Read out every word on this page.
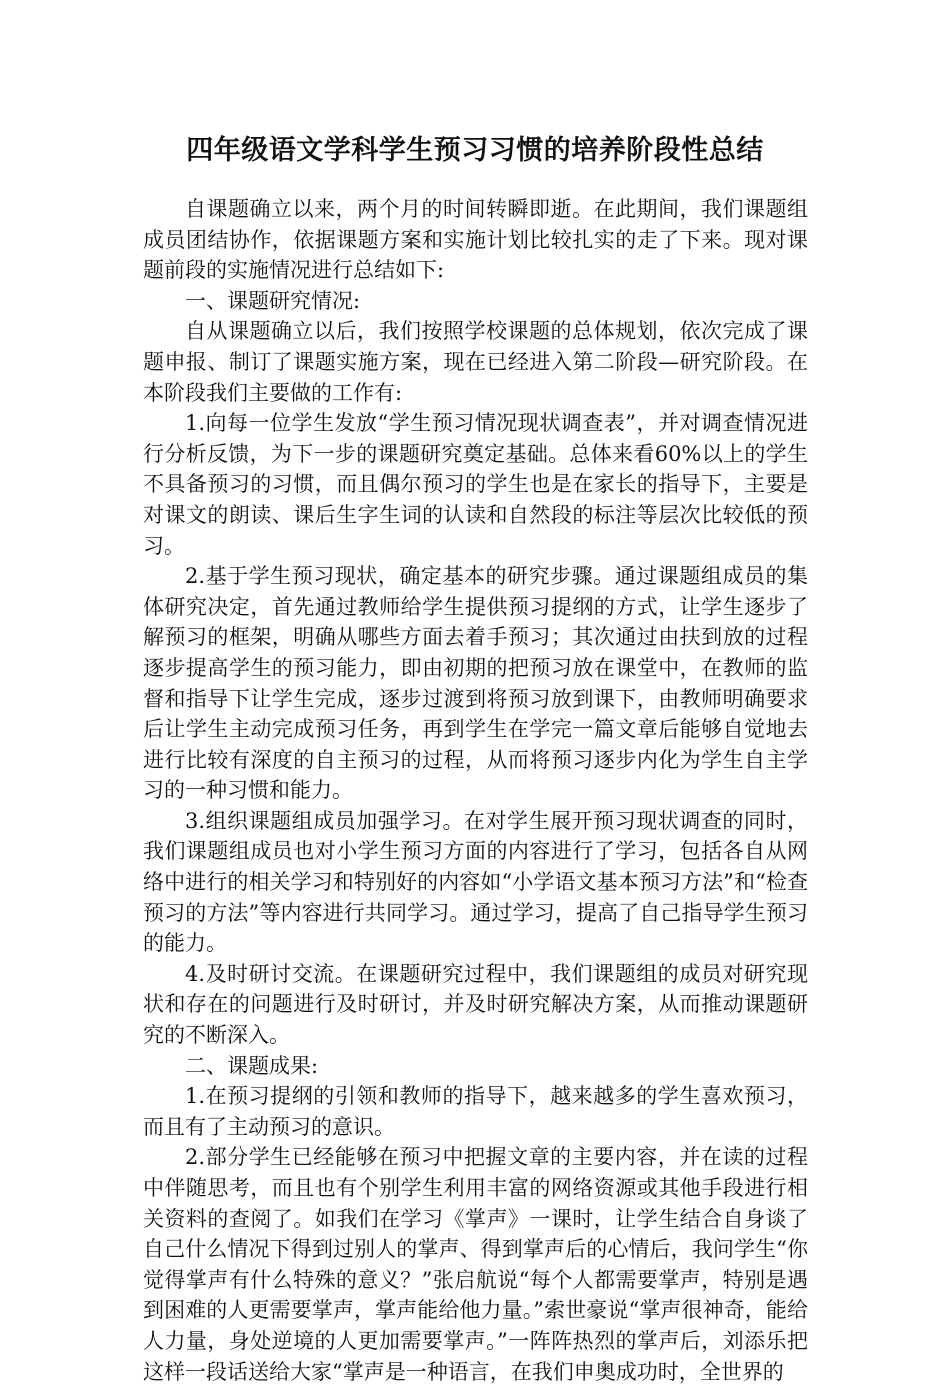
四年级语文学科学生预习习惯的培养阶段性总结

自课题确立以来，两个月的时间转瞬即逝。在此期间，我们课题组成员团结协作，依据课题方案和实施计划比较扎实的走了下来。现对课题前段的实施情况进行总结如下:

一、课题研究情况:

自从课题确立以后，我们按照学校课题的总体规划，依次完成了课题申报、制订了课题实施方案，现在已经进入第二阶段—研究阶段。在本阶段我们主要做的工作有:

1.向每一位学生发放“学生预习情况现状调查表”，并对调查情况进行分析反馈，为下一步的课题研究奠定基础。总体来看60%以上的学生不具备预习的习惯，而且偶尔预习的学生也是在家长的指导下，主要是对课文的朗读、课后生字生词的认读和自然段的标注等层次比较低的预习。

2.基于学生预习现状，确定基本的研究步骤。通过课题组成员的集体研究决定，首先通过教师给学生提供预习提纲的方式，让学生逐步了解预习的框架，明确从哪些方面去着手预习；其次通过由扶到放的过程逐步提高学生的预习能力，即由初期的把预习放在课堂中，在教师的监督和指导下让学生完成，逐步过渡到将预习放到课下，由教师明确要求后让学生主动完成预习任务，再到学生在学完一篇文章后能够自觉地去进行比较有深度的自主预习的过程，从而将预习逐步内化为学生自主学习的一种习惯和能力。

3.组织课题组成员加强学习。在对学生展开预习现状调查的同时，我们课题组成员也对小学生预习方面的内容进行了学习，包括各自从网络中进行的相关学习和特别好的内容如“小学语文基本预习方法”和“检查预习的方法”等内容进行共同学习。通过学习，提高了自己指导学生预习的能力。

4.及时研讨交流。在课题研究过程中，我们课题组的成员对研究现状和存在的问题进行及时研讨，并及时研究解决方案，从而推动课题研究的不断深入。

二、课题成果:

1.在预习提纲的引领和教师的指导下，越来越多的学生喜欢预习，而且有了主动预习的意识。

2.部分学生已经能够在预习中把握文章的主要内容，并在读的过程中伴随思考，而且也有个别学生利用丰富的网络资源或其他手段进行相关资料的查阅了。如我们在学习《掌声》一课时，让学生结合自身谈了自己什么情况下得到过别人的掌声、得到掌声后的心情后，我问学生“你觉得掌声有什么特殊的意义？”张启航说“每个人都需要掌声，特别是遇到困难的人更需要掌声，掌声能给他力量。”索世豪说“掌声很神奇，能给人力量，身处逆境的人更加需要掌声。”一阵阵热烈的掌声后，刘添乐把这样一段话送给大家“掌声是一种语言，在我们申奥成功时，全世界的
